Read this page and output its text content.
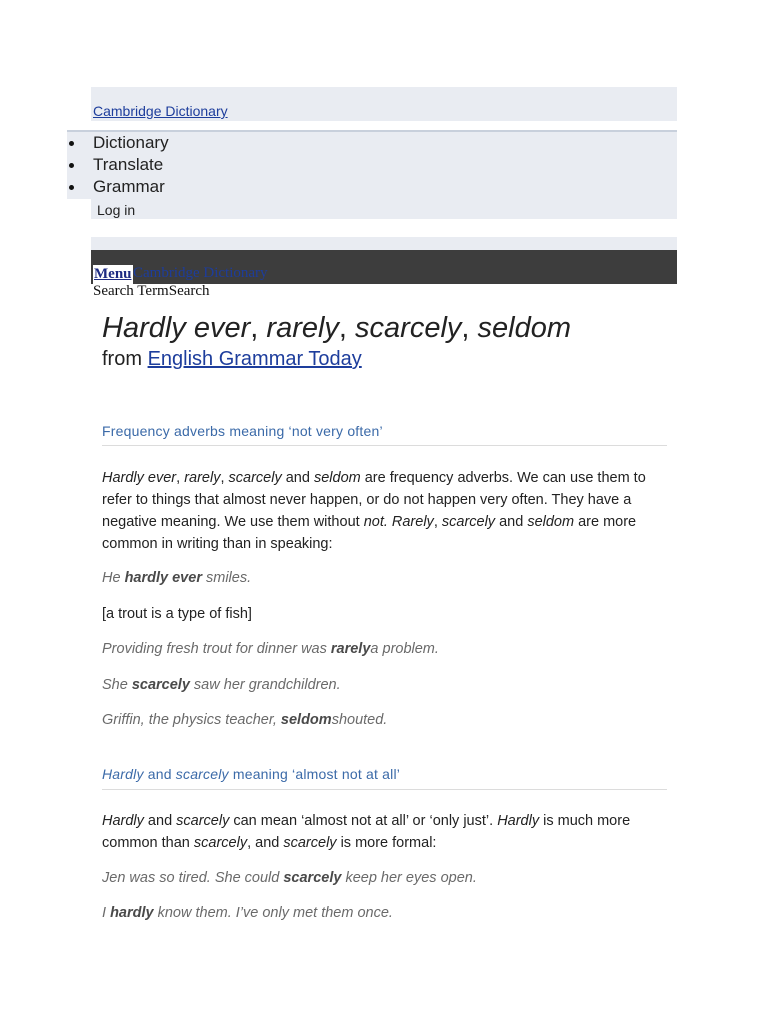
Cambridge Dictionary
Dictionary
Translate
Grammar
Log in
Menu Cambridge Dictionary
Search TermSearch
Hardly ever, rarely, scarcely, seldom
from English Grammar Today
Frequency adverbs meaning ‘not very often’

Hardly ever, rarely, scarcely and seldom are frequency adverbs. We can use them to refer to things that almost never happen, or do not happen very often. They have a negative meaning. We use them without not. Rarely, scarcely and seldom are more common in writing than in speaking:

He hardly ever smiles.

[a trout is a type of fish]

Providing fresh trout for dinner was rarelya problem.

She scarcely saw her grandchildren.

Griffin, the physics teacher, seldomshouted.

Hardly and scarcely meaning ‘almost not at all’

Hardly and scarcely can mean ‘almost not at all’ or ‘only just’. Hardly is much more common than scarcely, and scarcely is more formal:

Jen was so tired. She could scarcely keep her eyes open.

I hardly know them. I’ve only met them once.
